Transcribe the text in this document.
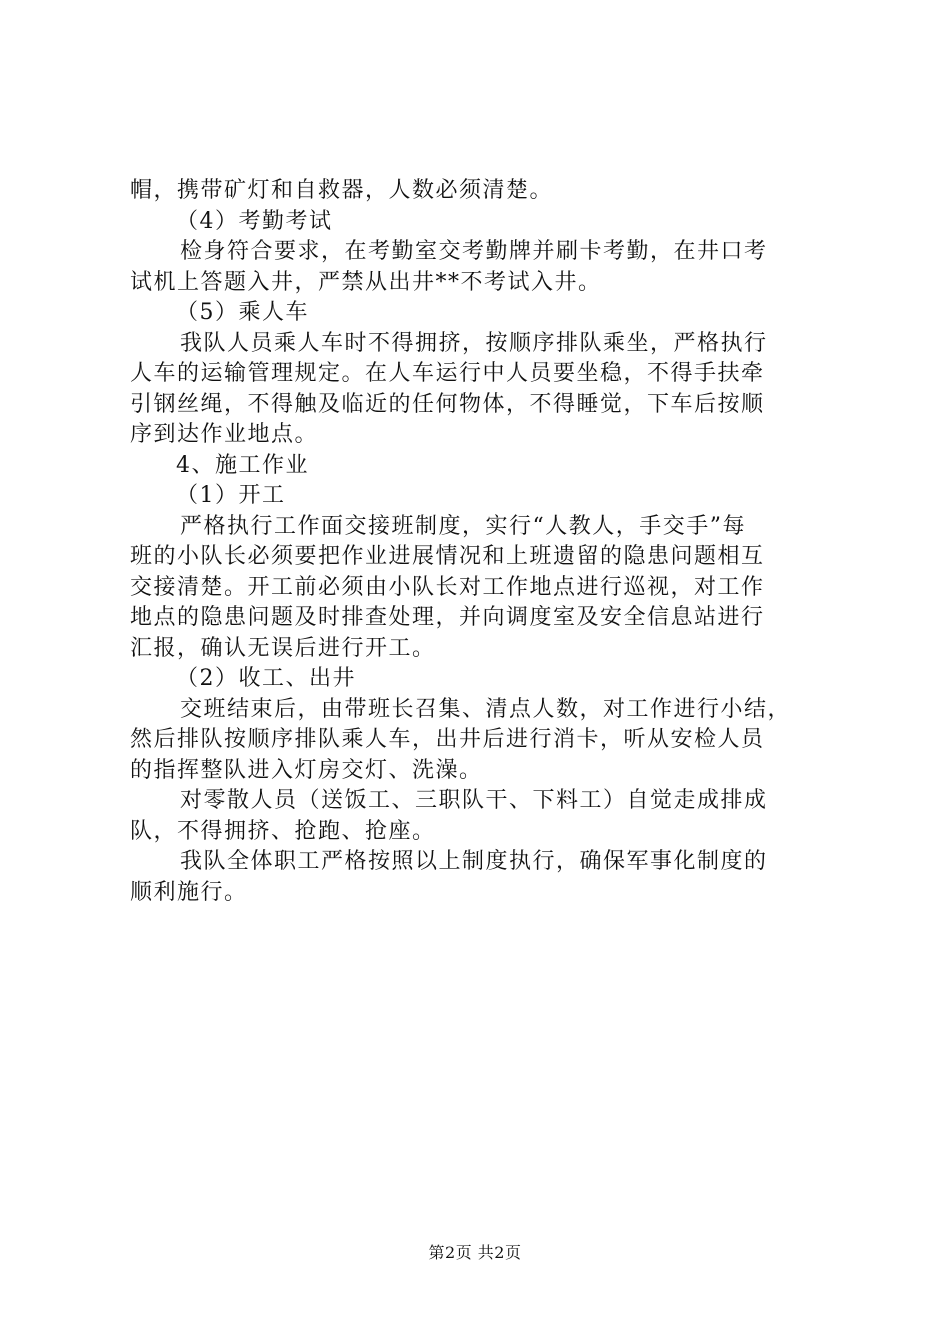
帽，携带矿灯和自救器，人数必须清楚。
（4）考勤考试
检身符合要求，在考勤室交考勤牌并刷卡考勤，在井口考
试机上答题入井，严禁从出井**不考试入井。
（5）乘人车
我队人员乘人车时不得拥挤，按顺序排队乘坐，严格执行
人车的运输管理规定。在人车运行中人员要坐稳，不得手扶牵
引钢丝绳，不得触及临近的任何物体，不得睡觉，下车后按顺
序到达作业地点。
4、施工作业
（1）开工
严格执行工作面交接班制度，实行“人教人，手交手”每
班的小队长必须要把作业进展情况和上班遗留的隐患问题相互
交接清楚。开工前必须由小队长对工作地点进行巡视，对工作
地点的隐患问题及时排查处理，并向调度室及安全信息站进行
汇报，确认无误后进行开工。
（2）收工、出井
交班结束后，由带班长召集、清点人数，对工作进行小结，
然后排队按顺序排队乘人车，出井后进行消卡，听从安检人员
的指挥整队进入灯房交灯、洗澡。
对零散人员（送饭工、三职队干、下料工）自觉走成排成
队，不得拥挤、抢跑、抢座。
我队全体职工严格按照以上制度执行，确保军事化制度的
顺利施行。
第2页 共2页
